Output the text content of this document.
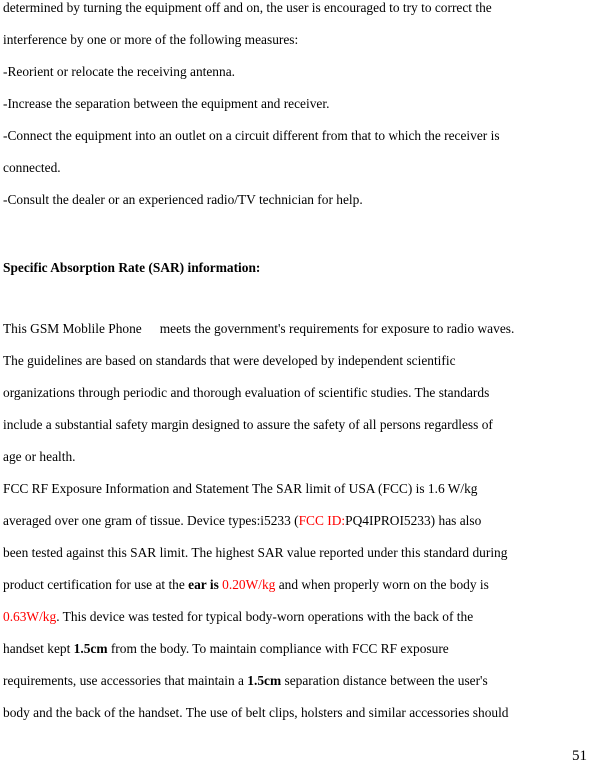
determined by turning the equipment off and on, the user is encouraged to try to correct the
interference by one or more of the following measures:
-Reorient or relocate the receiving antenna.
-Increase the separation between the equipment and receiver.
-Connect the equipment into an outlet on a circuit different from that to which the receiver is
connected.
-Consult the dealer or an experienced radio/TV technician for help.
Specific Absorption Rate (SAR) information:
This GSM Moblile Phone meets the government's requirements for exposure to radio waves.
The guidelines are based on standards that were developed by independent scientific
organizations through periodic and thorough evaluation of scientific studies. The standards
include a substantial safety margin designed to assure the safety of all persons regardless of
age or health.
FCC RF Exposure Information and Statement The SAR limit of USA (FCC) is 1.6 W/kg
averaged over one gram of tissue. Device types:i5233 (FCC ID:PQ4IPROI5233) has also
been tested against this SAR limit. The highest SAR value reported under this standard during
product certification for use at the ear is 0.20W/kg and when properly worn on the body is
0.63W/kg. This device was tested for typical body-worn operations with the back of the
handset kept 1.5cm from the body. To maintain compliance with FCC RF exposure
requirements, use accessories that maintain a 1.5cm separation distance between the user's
body and the back of the handset. The use of belt clips, holsters and similar accessories should
51
